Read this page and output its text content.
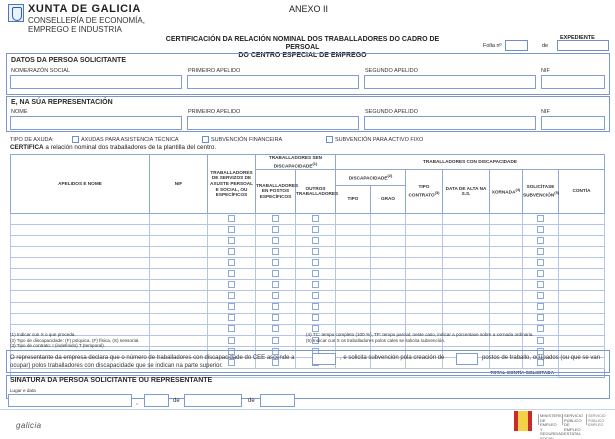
XUNTA DE GALICIA
CONSELLERÍA DE ECONOMÍA,
EMPREGO E INDUSTRIA
ANEXO II
CERTIFICACIÓN DA RELACIÓN NOMINAL DOS TRABALLADORES DO CADRO DE PERSOAL
DO CENTRO ESPECIAL DE EMPREGO
Folla nº	de
EXPEDIENTE
DATOS DA PERSOA SOLICITANTE
NOME/RAZÓN SOCIAL	PRIMEIRO APELIDO	SEGUNDO APELIDO	NIF
E, NA SÚA REPRESENTACIÓN
NOME	PRIMEIRO APELIDO	SEGUNDO APELIDO	NIF
TIPO DE AXUDA:	AXUDAS PARA ASISTENCIA TÉCNICA	SUBVENCIÓN FINANCEIRA	SUBVENCIÓN PARA ACTIVO FIXO
CERTIFICA a relación nominal dos traballadores de la plantilla del centro.
APELIDOS E NOME	NIF	TRABALLADORES DE SERVIZOS DE AXUSTE PERSOAL E SOCIAL, OU ESPECÍFICOS	TRABALLADORES SEN DISCAPACIDADE$^{(1)}$		TRABALLADORES CON DISCAPACIDADE						
			TRABALLADORES EN POSTOS ESPECÍFICOS	OUTROS TRABALLADORES	DISCAPACIDADE$^{(2)}$		TIPO CONTRATO$^{(3)}$	DATA DE ALTA NA S.S.	XORNADA$^{(4)}$	SOLICÍTASE SUBVENCIÓN$^{(5)}$	CONTÍA
					TIPO	GRAO					

TOTAL CONTÍA SOLICITADA											
(1) Indicar cun X o que proceda.
(2) Tipo de discapacidade: (F) psíquica, (F) física, (S) sensorial.
(3) Tipo de contrato: I (indefinido) T (temporal).
(4) TC: tempo completo (100 %), TP: tempo parcial; neste caso, indicar a porcentaxe sobre a xornada ordinaria.
(5) Indicar cun X os traballadores polos cales se solicita subvención.
O representante da empresa declara que o número de traballadores con discapacidade do CEE ascende a	, e solicita subvención pola creación de	postos de traballo, ocupados (ou que se van
ocupar) polos traballadores con discapacidade que se indican na parte superior.
SINATURA DA PERSOA SOLICITANTE OU REPRESENTANTE
Lugar e data
,	de	de
galicia
MINISTERIO DE EMPLEO Y SEGURIDAD SOCIAL
SERVICIO PÚBLICO DE EMPLEO ESTATAL
SERVICIO PÚBLICO EMPLEO
